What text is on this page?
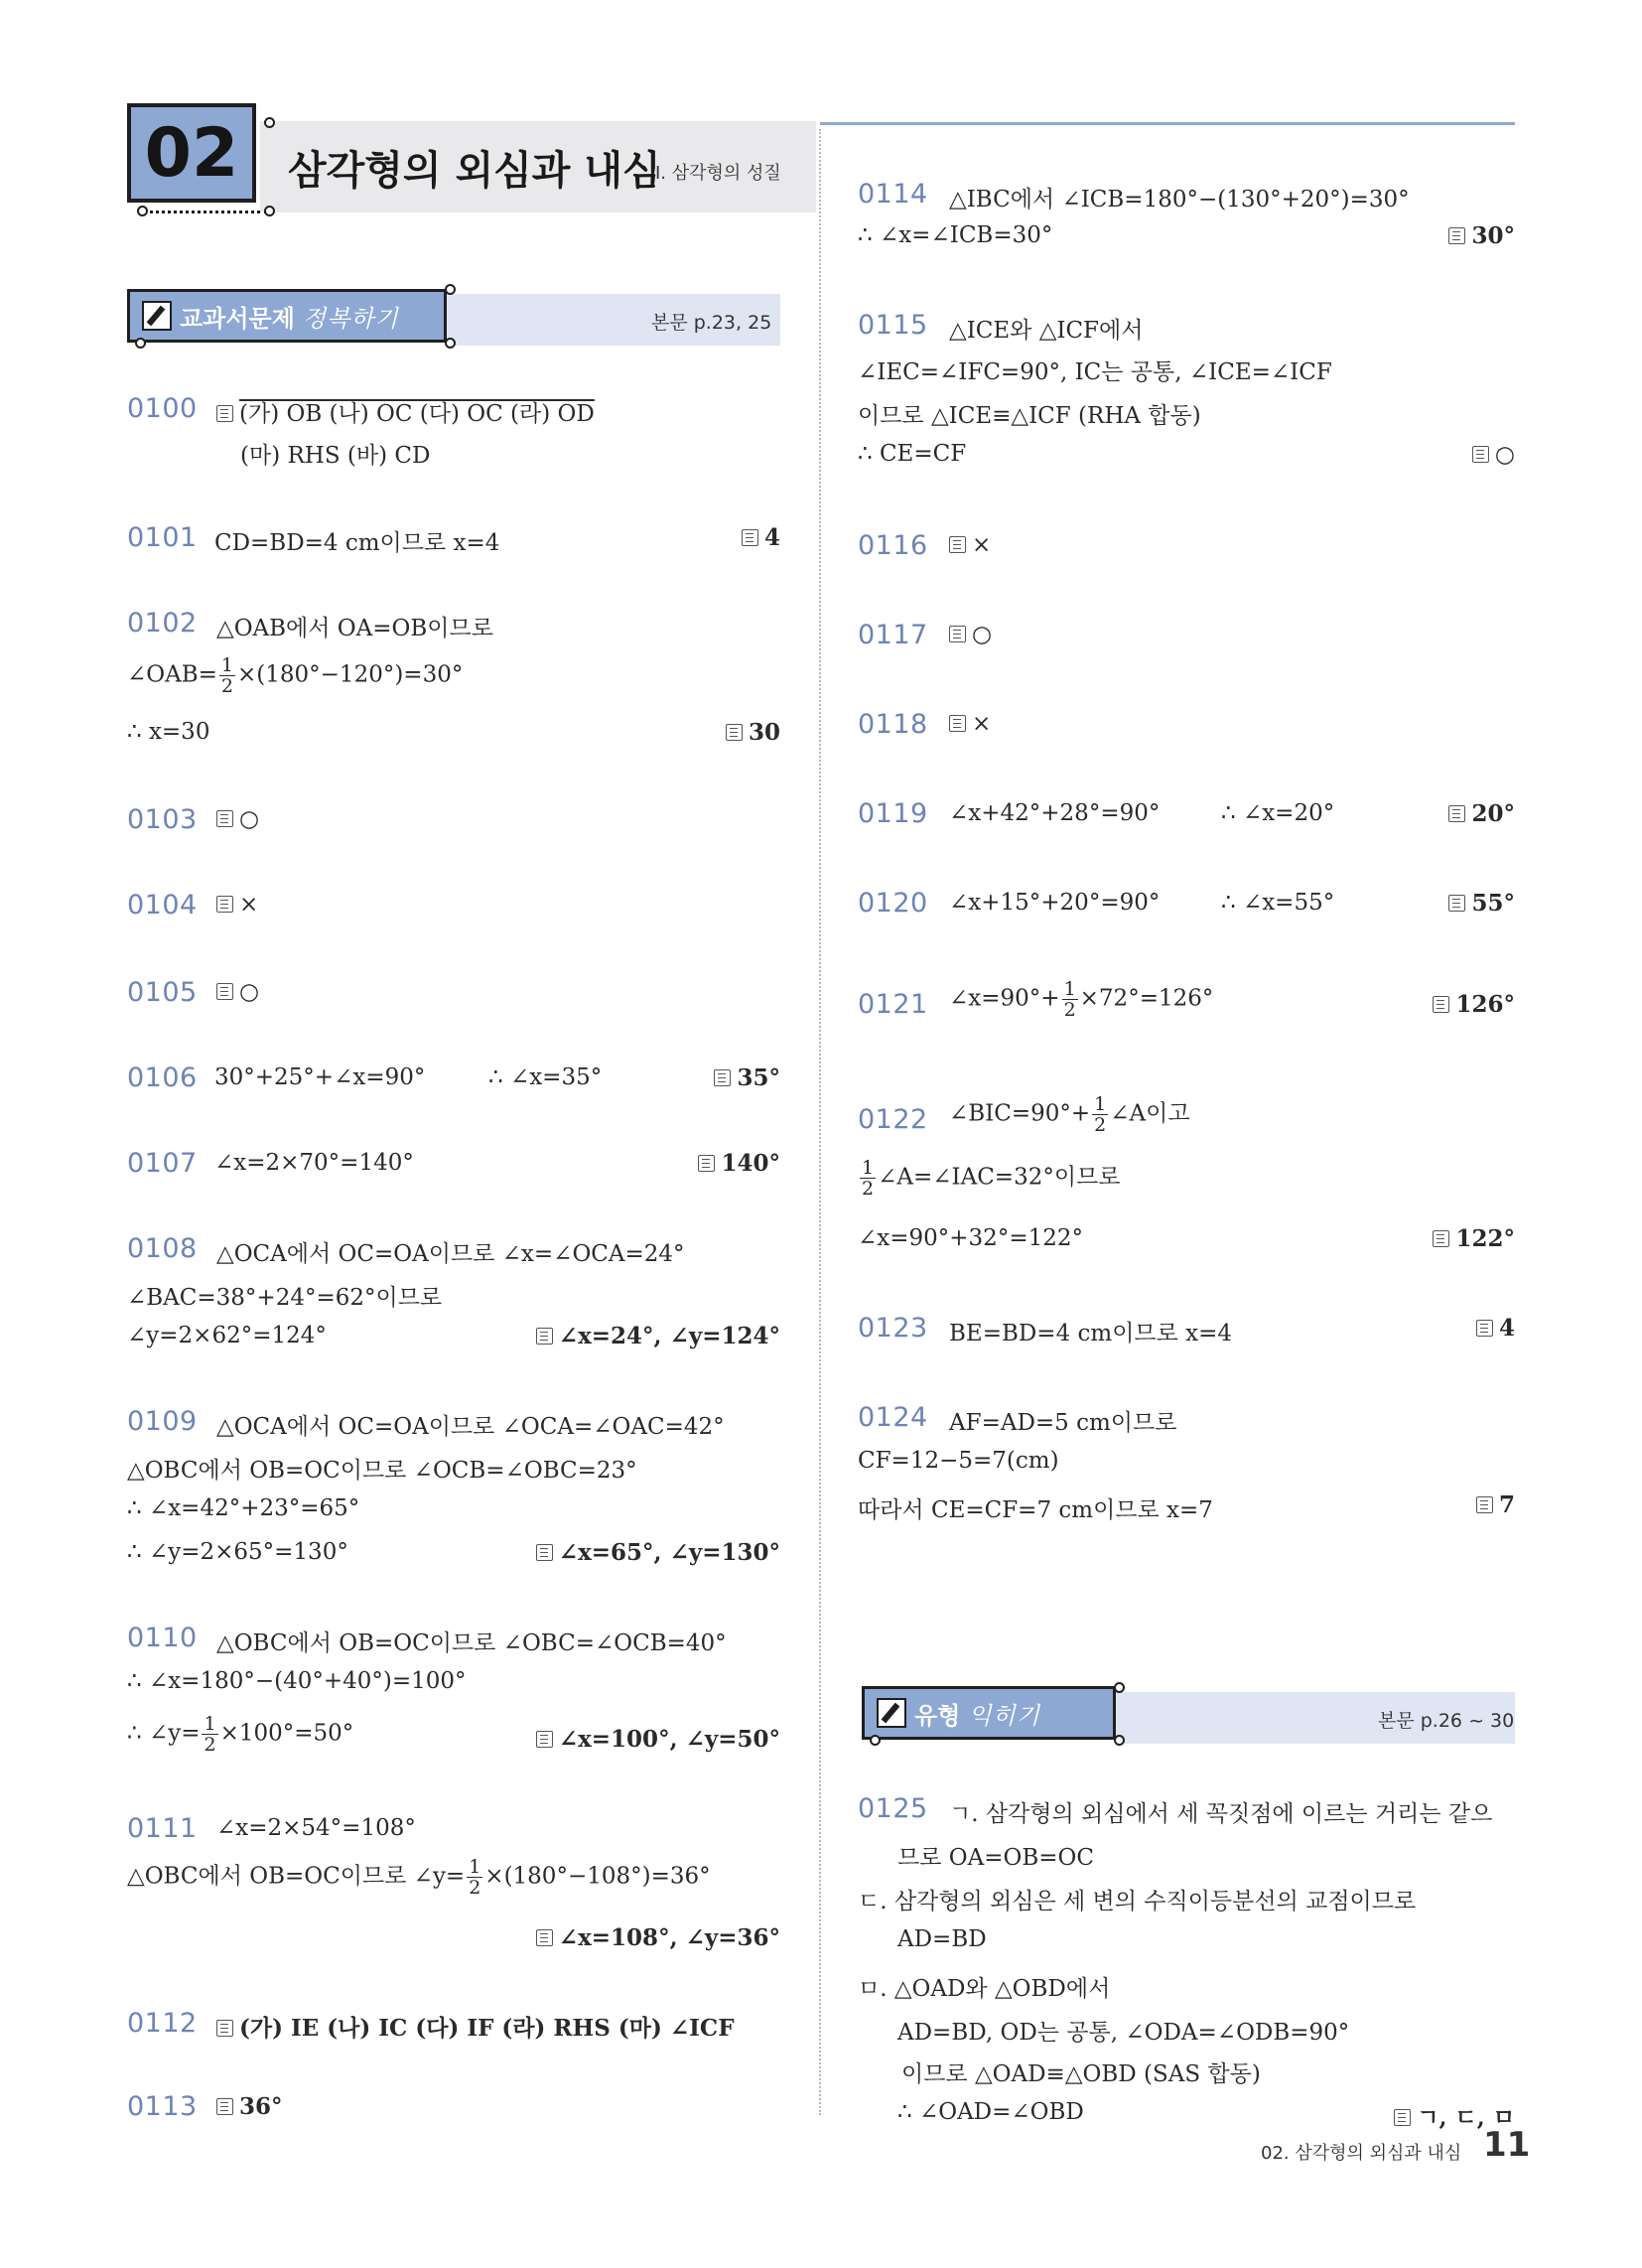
02	삼각형의 외심과 내심
I. 삼각형의 성질
교과서문제 정복하기	본문 p.23, 25
0100	(가) OB (나) OC (다) OC (라) OD
(마) RHS (바) CD
0101 CD=BD=4 cm이므로 x=4	4
0102 △OAB에서 OA=OB이므로
∠OAB= $\frac{1}{2} \times(180^\circ-120^\circ)=30^\circ$
∴ x=30	30
0103	○
0104	×
0105	○
0106 30°+25°+∠x=90°	∴ ∠x=35°	35°
0107 ∠x=2×70°=140°	140°
0108 △OCA에서 OC=OA이므로 ∠x=∠OCA=24°
∠BAC=38°+24°=62°이므로
∠y=2×62°=124°	∠x=24°, ∠y=124°
0109 △OCA에서 OC=OA이므로 ∠OCA=∠OAC=42°
△OBC에서 OB=OC이므로 ∠OCB=∠OBC=23°
∴ ∠x=42°+23°=65°
∴ ∠y=2×65°=130°	∠x=65°, ∠y=130°
0110 △OBC에서 OB=OC이므로 ∠OBC=∠OCB=40°
∴ ∠x=180°−(40°+40°)=100°
∴ ∠y= $\frac{1}{2} \times 100^\circ=50^\circ$	∠x=100°, ∠y=50°
0111 ∠x=2×54°=108°
△OBC에서 OB=OC이므로 ∠y= $\frac{1}{2} \times(180^\circ-108^\circ)=36^\circ$
∠x=108°, ∠y=36°
0112	(가) IE (나) IC (다) IF (라) RHS (마) ∠ICF
0113	36°
0114 △IBC에서 ∠ICB=180°−(130°+20°)=30°
∴ ∠x=∠ICB=30°	30°
0115 △ICE와 △ICF에서
∠IEC=∠IFC=90°, IC는 공통, ∠ICE=∠ICF
이므로 △ICE≡△ICF (RHA 합동)
∴ CE=CF	○
0116	×
0117	○
0118	×
0119 ∠x+42°+28°=90°	∴ ∠x=20°	20°
0120 ∠x+15°+20°=90°	∴ ∠x=55°	55°
0121 ∠x=90°+ $\frac{1}{2} \times 72^\circ=126^\circ$	126°
0122 ∠BIC=90°+ $\frac{1}{2}$ ∠A이고
$\frac{1}{2}$ ∠A=∠IAC=32°이므로
∠x=90°+32°=122°	122°
0123 BE=BD=4 cm이므로 x=4	4
0124 AF=AD=5 cm이므로
CF=12−5=7(cm)
따라서 CE=CF=7 cm이므로 x=7	7
유형 익히기	본문 p.26 ~ 30
0125 ㄱ. 삼각형의 외심에서 세 꼭짓점에 이르는 거리는 같으
므로 OA=OB=OC
ㄷ. 삼각형의 외심은 세 변의 수직이등분선의 교점이므로
AD=BD
ㅁ. △OAD와 △OBD에서
AD=BD, OD는 공통, ∠ODA=∠ODB=90°
이므로 △OAD≡△OBD (SAS 합동)
∴ ∠OAD=∠OBD	ㄱ, ㄷ, ㅁ
02. 삼각형의 외심과 내심 11
